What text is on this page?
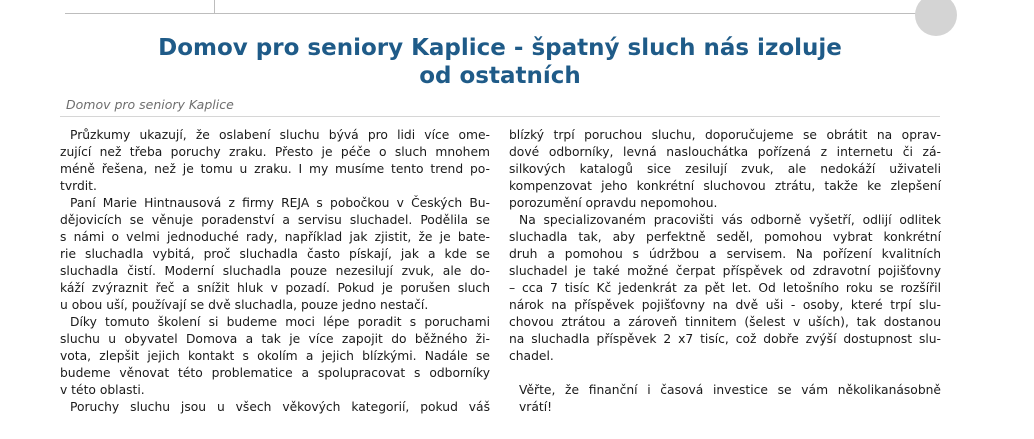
Domov pro seniory Kaplice - špatný sluch nás izoluje
od ostatních
Domov pro seniory Kaplice
Průzkumy ukazují, že oslabení sluchu bývá pro lidi více ome-
zující než třeba poruchy zraku. Přesto je péče o sluch mnohem
méně řešena, než je tomu u zraku. I my musíme tento trend po-
tvrdit.
Paní Marie Hintnausová z firmy REJA s pobočkou v Českých Bu-
dějovicích se věnuje poradenství a servisu sluchadel. Podělila se
s námi o velmi jednoduché rady, například jak zjistit, že je bate-
rie sluchadla vybitá, proč sluchadla často pískají, jak a kde se
sluchadla čistí. Moderní sluchadla pouze nezesilují zvuk, ale do-
káží zvýraznit řeč a snížit hluk v pozadí. Pokud je porušen sluch
u obou uší, používají se dvě sluchadla, pouze jedno nestačí.
Díky tomuto školení si budeme moci lépe poradit s poruchami
sluchu u obyvatel Domova a tak je více zapojit do běžného ži-
vota, zlepšit jejich kontakt s okolím a jejich blízkými. Nadále se
budeme věnovat této problematice a spolupracovat s odborníky
v této oblasti.
Poruchy sluchu jsou u všech věkových kategorií, pokud váš
blízký trpí poruchou sluchu, doporučujeme se obrátit na oprav-
dové odborníky, levná naslouchátka pořízená z internetu či zá-
silkových katalogů sice zesilují zvuk, ale nedokáží uživateli
kompenzovat jeho konkrétní sluchovou ztrátu, takže ke zlepšení
porozumění opravdu nepomohou.
Na specializovaném pracovišti vás odborně vyšetří, odlijí odlitek
sluchadla tak, aby perfektně seděl, pomohou vybrat konkrétní
druh a pomohou s údržbou a servisem. Na pořízení kvalitních
sluchadel je také možné čerpat příspěvek od zdravotní pojišťovny
– cca 7 tisíc Kč jedenkrát za pět let. Od letošního roku se rozšířil
nárok na příspěvek pojišťovny na dvě uši - osoby, které trpí slu-
chovou ztrátou a zároveň tinnitem (šelest v uších), tak dostanou
na sluchadla příspěvek 2 x7 tisíc, což dobře zvýší dostupnost slu-
chadel.
Věřte, že finanční i časová investice se vám několikanásobně
vrátí!
